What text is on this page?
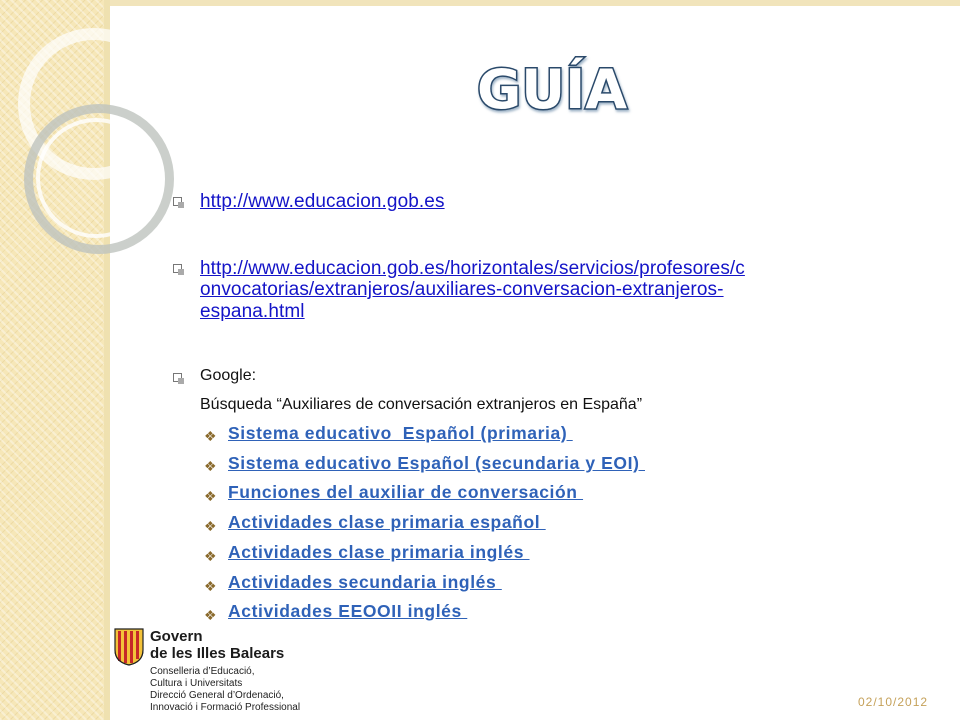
GUÍA
http://www.educacion.gob.es
http://www.educacion.gob.es/horizontales/servicios/profesores/c
onvocatorias/extranjeros/auxiliares-conversacion-extranjeros-
espana.html
Google:
Búsqueda “Auxiliares de conversación extranjeros en España”
❖ Sistema educativo  Español (primaria)
❖ Sistema educativo Español (secundaria y EOI)
❖ Funciones del auxiliar de conversación
❖ Actividades clase primaria español
❖ Actividades clase primaria inglés
❖ Actividades secundaria inglés
❖ Actividades EEOOII inglés
Govern
de les Illes Balears
Conselleria d’Educació,
Cultura i Universitats
Direcció General d’Ordenació,
Innovació i Formació Professional	02/10/2012
